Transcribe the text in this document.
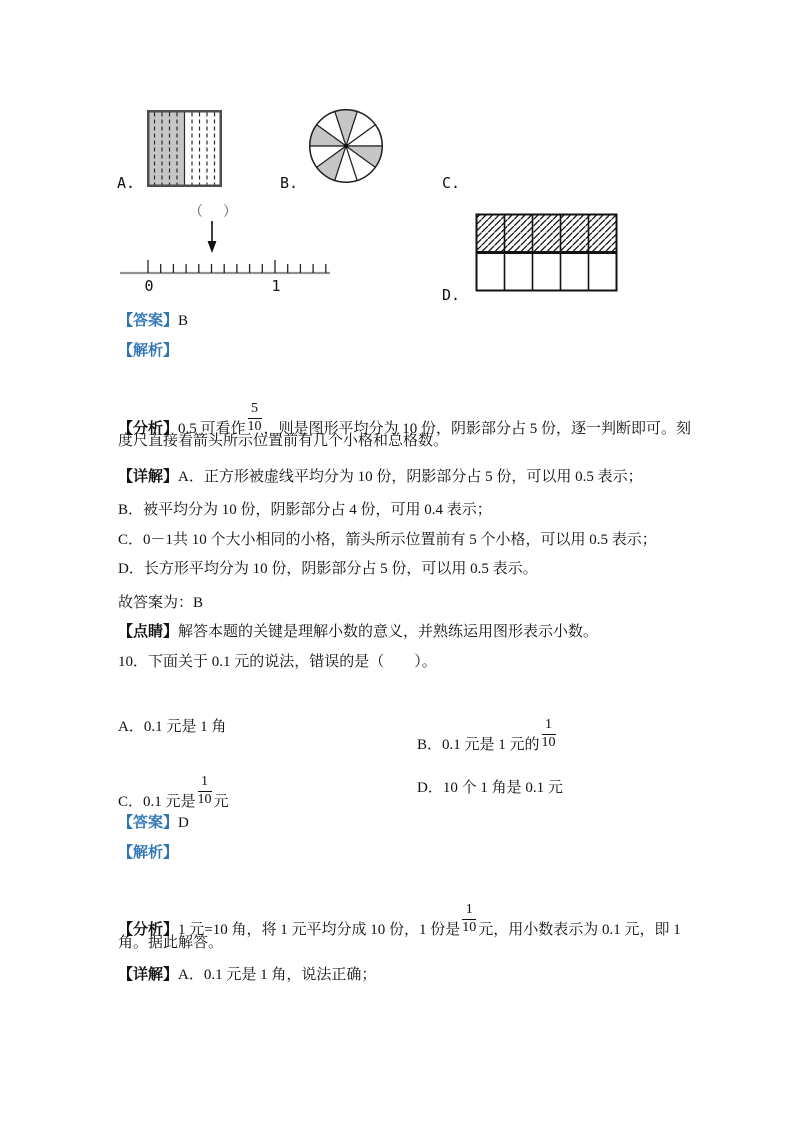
A.	B.	C.
（　）
0	1	D.
【答案】B
【解析】
【分析】0.5 可看作 $\frac{5}{10}$ ，则是图形平均分为 10 份，阴影部分占 5 份，逐一判断即可。刻
度尺直接看箭头所示位置前有几个小格和总格数。
【详解】A．正方形被虚线平均分为 10 份，阴影部分占 5 份，可以用 0.5 表示；
B．被平均分为 10 份，阴影部分占 4 份，可用 0.4 表示；
C．0－1共 10 个大小相同的小格，箭头所示位置前有 5 个小格，可以用 0.5 表示；
D．长方形平均分为 10 份，阴影部分占 5 份，可以用 0.5 表示。
故答案为：B
【点睛】解答本题的关键是理解小数的意义，并熟练运用图形表示小数。
10．下面关于 0.1 元的说法，错误的是（　　）。
A．0.1 元是 1 角
B．0.1 元是 1 元的 $\frac{1}{10}$
C．0.1 元是 $\frac{1}{10}$ 元
D．10 个 1 角是 0.1 元
【答案】D
【解析】
【分析】1 元=10 角，将 1 元平均分成 10 份，1 份是 $\frac{1}{10}$ 元，用小数表示为 0.1 元，即 1
角。据此解答。
【详解】A．0.1 元是 1 角，说法正确；
